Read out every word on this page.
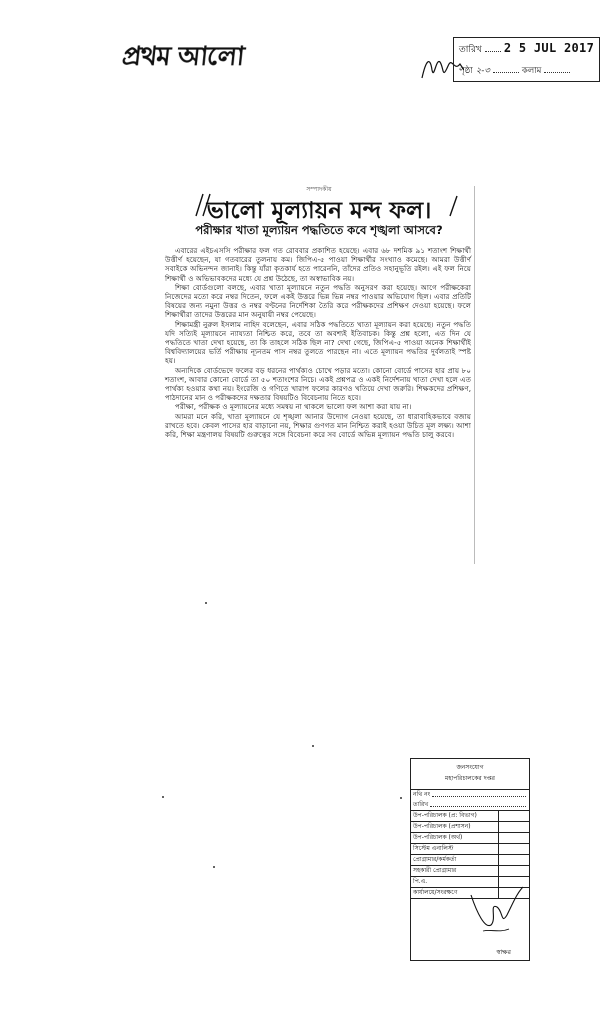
প্রথম আলো	তারিখ 2 5 JUL 2017
পৃষ্ঠা ২-৩	কলাম
সম্পাদকীয়
ভালো মূল্যায়ন মন্দ ফল।
পরীক্ষার খাতা মূল্যায়ন পদ্ধতিতে কবে শৃঙ্খলা আসবে?

এবারের এইচএসসি পরীক্ষার ফল গত রোববার প্রকাশিত হয়েছে। এবার ৬৮ দশমিক ৯১ শতাংশ শিক্ষার্থী উত্তীর্ণ হয়েছেন, যা গতবারের তুলনায় কম। জিপিএ-৫ পাওয়া শিক্ষার্থীর সংখ্যাও কমেছে। আমরা উত্তীর্ণ সবাইকে অভিনন্দন জানাই। কিন্তু যাঁরা কৃতকার্য হতে পারেননি, তাঁদের প্রতিও সহানুভূতি রইল। এই ফল নিয়ে শিক্ষার্থী ও অভিভাবকদের মধ্যে যে প্রশ্ন উঠেছে, তা অস্বাভাবিক নয়।

শিক্ষা বোর্ডগুলো বলছে, এবার খাতা মূল্যায়নে নতুন পদ্ধতি অনুসরণ করা হয়েছে। আগে পরীক্ষকেরা নিজেদের মতো করে নম্বর দিতেন, ফলে একই উত্তরে ভিন্ন ভিন্ন নম্বর পাওয়ার অভিযোগ ছিল। এবার প্রতিটি বিষয়ের জন্য নমুনা উত্তর ও নম্বর বণ্টনের নির্দেশিকা তৈরি করে পরীক্ষকদের প্রশিক্ষণ দেওয়া হয়েছে। ফলে শিক্ষার্থীরা তাদের উত্তরের মান অনুযায়ী নম্বর পেয়েছে।

শিক্ষামন্ত্রী নুরুল ইসলাম নাহিদ বলেছেন, এবার সঠিক পদ্ধতিতে খাতা মূল্যায়ন করা হয়েছে। নতুন পদ্ধতি যদি সত্যিই মূল্যায়নে ন্যায্যতা নিশ্চিত করে, তবে তা অবশ্যই ইতিবাচক। কিন্তু প্রশ্ন হলো, এত দিন যে পদ্ধতিতে খাতা দেখা হয়েছে, তা কি তাহলে সঠিক ছিল না? দেখা গেছে, জিপিএ-৫ পাওয়া অনেক শিক্ষার্থীই বিশ্ববিদ্যালয়ের ভর্তি পরীক্ষায় ন্যূনতম পাস নম্বর তুলতে পারছেন না। এতে মূল্যায়ন পদ্ধতির দুর্বলতাই স্পষ্ট হয়।

অন্যদিকে বোর্ডভেদে ফলের বড় ধরনের পার্থক্যও চোখে পড়ার মতো। কোনো বোর্ডে পাসের হার প্রায় ৮০ শতাংশ, আবার কোনো বোর্ডে তা ৫০ শতাংশের নিচে। একই প্রশ্নপত্র ও একই নির্দেশনায় খাতা দেখা হলে এত পার্থক্য হওয়ার কথা নয়। ইংরেজি ও গণিতে খারাপ ফলের কারণও খতিয়ে দেখা জরুরি। শিক্ষকদের প্রশিক্ষণ, পাঠদানের মান ও পরীক্ষকদের দক্ষতার বিষয়টিও বিবেচনায় নিতে হবে।

পরীক্ষা, পরীক্ষক ও মূল্যায়নের মধ্যে সমন্বয় না থাকলে ভালো ফল আশা করা যায় না।

আমরা মনে করি, খাতা মূল্যায়নে যে শৃঙ্খলা আনার উদ্যোগ নেওয়া হয়েছে, তা ধারাবাহিকভাবে বজায় রাখতে হবে। কেবল পাসের হার বাড়ানো নয়, শিক্ষার গুণগত মান নিশ্চিত করাই হওয়া উচিত মূল লক্ষ্য। আশা করি, শিক্ষা মন্ত্রণালয় বিষয়টি গুরুত্বের সঙ্গে বিবেচনা করে সব বোর্ডে অভিন্ন মূল্যায়ন পদ্ধতি চালু করবে।

জনসংযোগ
মহাপরিচালকের দপ্তর
নথি নং
তারিখ
উপ-পরিচালক (প্র: বিভাগ)
উপ-পরিচালক (প্রশাসন)
উপ-পরিচালক (অর্থ)
সিস্টেম এনালিস্ট
প্রোগ্রামার/কর্মকর্তা
সহকারী প্রোগ্রামার
পি.এ.
কার্যালয়ে/সংরক্ষণে
স্বাক্ষর
